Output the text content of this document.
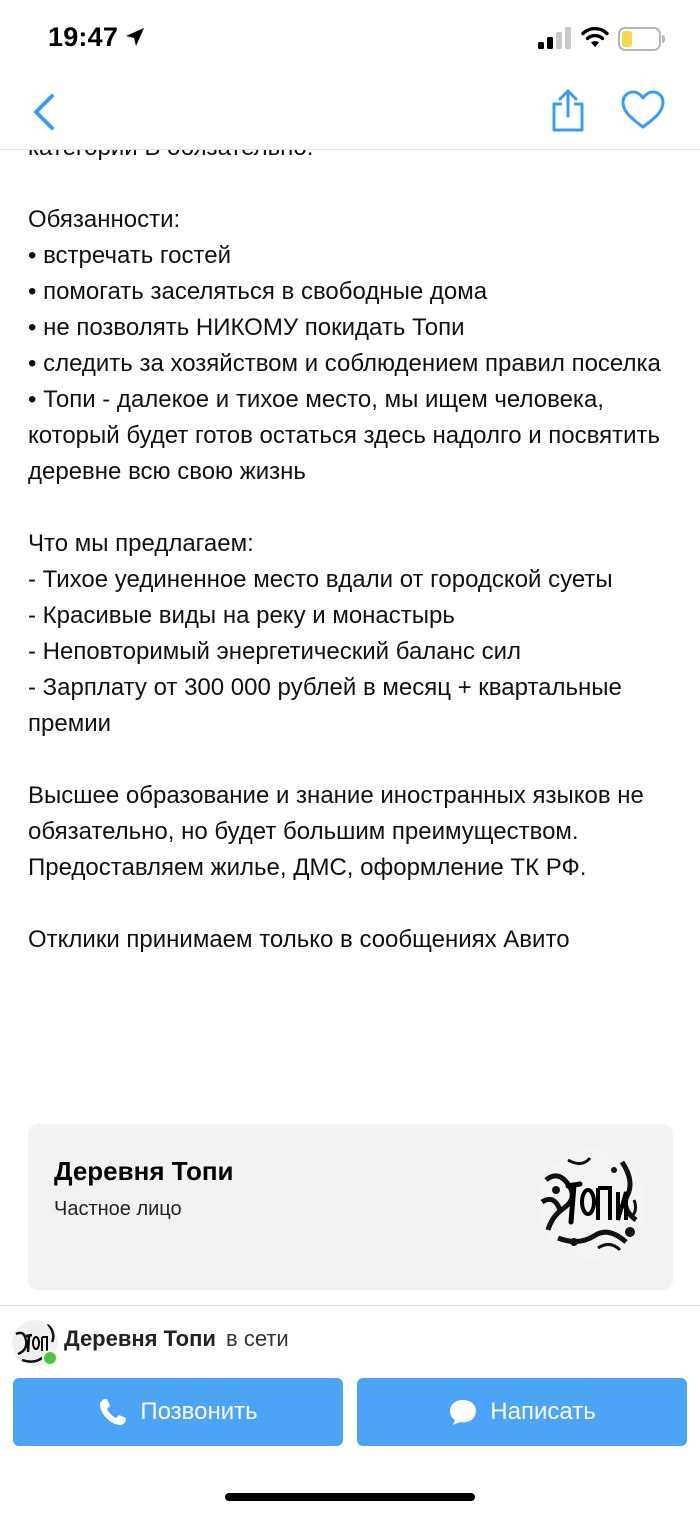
19:47

Обязанности:

• встречать гостей

• помогать заселяться в свободные дома

• не позволять НИКОМУ покидать Топи

• следить за хозяйством и соблюдением правил поселка

• Топи - далекое и тихое место, мы ищем человека, который будет готов остаться здесь надолго и посвятить деревне всю свою жизнь

Что мы предлагаем:

- Тихое уединенное место вдали от городской суеты

- Красивые виды на реку и монастырь

- Неповторимый энергетический баланс сил

- Зарплату от 300 000 рублей в месяц + квартальные премии

Высшее образование и знание иностранных языков не обязательно, но будет большим преимуществом.

Предоставляем жилье, ДМС, оформление ТК РФ.

Отклики принимаем только в сообщениях Авито

Деревня Топи
Частное лицо
Деревня Топи в сети
Позвонить	Написать
